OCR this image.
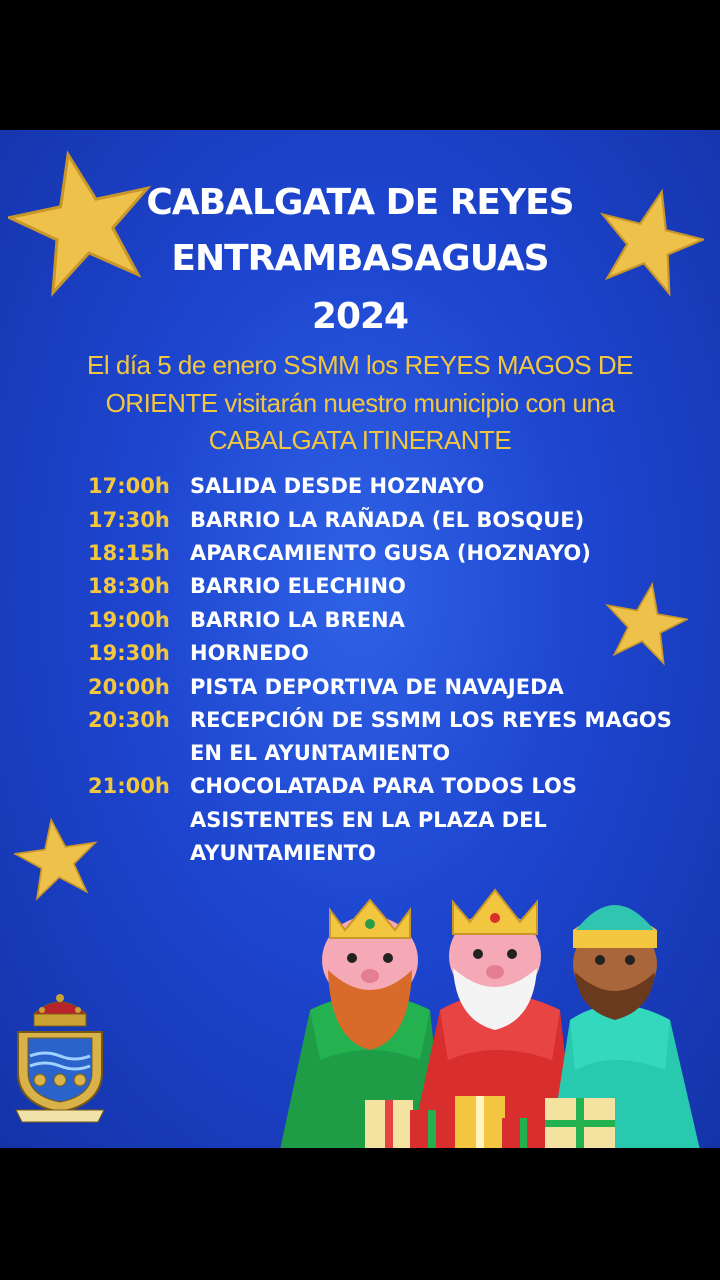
CABALGATA DE REYES
ENTRAMBASAGUAS
2024
El día 5 de enero SSMM los REYES MAGOS DE
ORIENTE visitarán nuestro municipio con una
CABALGATA ITINERANTE
17:00h SALIDA DESDE HOZNAYO
17:30h BARRIO LA RAÑADA (EL BOSQUE)
18:15h APARCAMIENTO GUSA (HOZNAYO)
18:30h BARRIO ELECHINO
19:00h BARRIO LA BRENA
19:30h HORNEDO
20:00h PISTA DEPORTIVA DE NAVAJEDA
20:30h RECEPCIÓN DE SSMM LOS REYES MAGOS
EN EL AYUNTAMIENTO
21:00h CHOCOLATADA PARA TODOS LOS
ASISTENTES EN LA PLAZA DEL
AYUNTAMIENTO
